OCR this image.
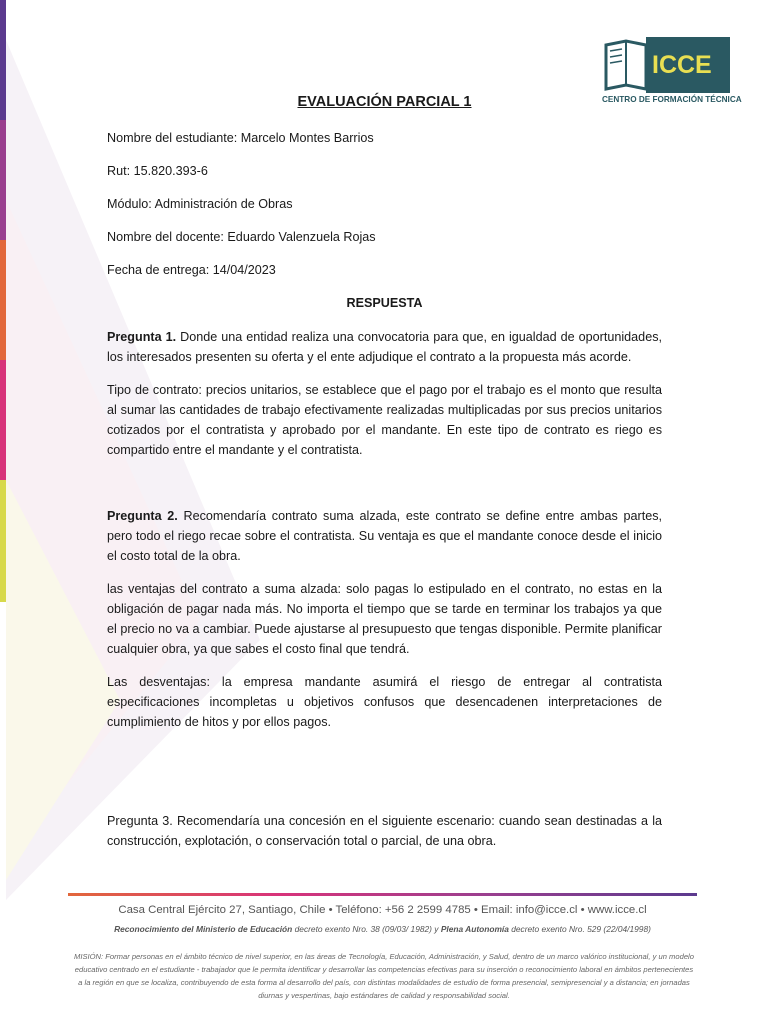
ICCE
CENTRO DE FORMACIÓN TÉCNICA
EVALUACIÓN PARCIAL 1
Nombre del estudiante: Marcelo Montes Barrios
Rut: 15.820.393-6
Módulo: Administración de Obras
Nombre del docente: Eduardo Valenzuela Rojas
Fecha de entrega: 14/04/2023
RESPUESTA

Pregunta 1. Donde una entidad realiza una convocatoria para que, en igualdad de oportunidades, los interesados presenten su oferta y el ente adjudique el contrato a la propuesta más acorde.

Tipo de contrato: precios unitarios, se establece que el pago por el trabajo es el monto que resulta al sumar las cantidades de trabajo efectivamente realizadas multiplicadas por sus precios unitarios cotizados por el contratista y aprobado por el mandante. En este tipo de contrato es riego es compartido entre el mandante y el contratista.

Pregunta 2. Recomendaría contrato suma alzada, este contrato se define entre ambas partes, pero todo el riego recae sobre el contratista. Su ventaja es que el mandante conoce desde el inicio el costo total de la obra.

las ventajas del contrato a suma alzada: solo pagas lo estipulado en el contrato, no estas en la obligación de pagar nada más. No importa el tiempo que se tarde en terminar los trabajos ya que el precio no va a cambiar. Puede ajustarse al presupuesto que tengas disponible. Permite planificar cualquier obra, ya que sabes el costo final que tendrá.

Las desventajas: la empresa mandante asumirá el riesgo de entregar al contratista especificaciones incompletas u objetivos confusos que desencadenen interpretaciones de cumplimiento de hitos y por ellos pagos.

Pregunta 3. Recomendaría una concesión en el siguiente escenario: cuando sean destinadas a la construcción, explotación, o conservación total o parcial, de una obra.

Casa Central Ejército 27, Santiago, Chile • Teléfono: +56 2 2599 4785 • Email: info@icce.cl • www.icce.cl
Reconocimiento del Ministerio de Educación decreto exento Nro. 38 (09/03/ 1982) y Plena Autonomía decreto exento Nro. 529 (22/04/1998)
MISIÓN: Formar personas en el ámbito técnico de nivel superior, en las áreas de Tecnología, Educación, Administración, y Salud, dentro de un marco valórico institucional, y un modelo educativo centrado en el estudiante - trabajador que le permita identificar y desarrollar las competencias efectivas para su inserción o reconocimiento laboral en ámbitos pertenecientes a la región en que se localiza, contribuyendo de esta forma al desarrollo del país, con distintas modalidades de estudio de forma presencial, semipresencial y a distancia; en jornadas diurnas y vespertinas, bajo estándares de calidad y responsabilidad social.
